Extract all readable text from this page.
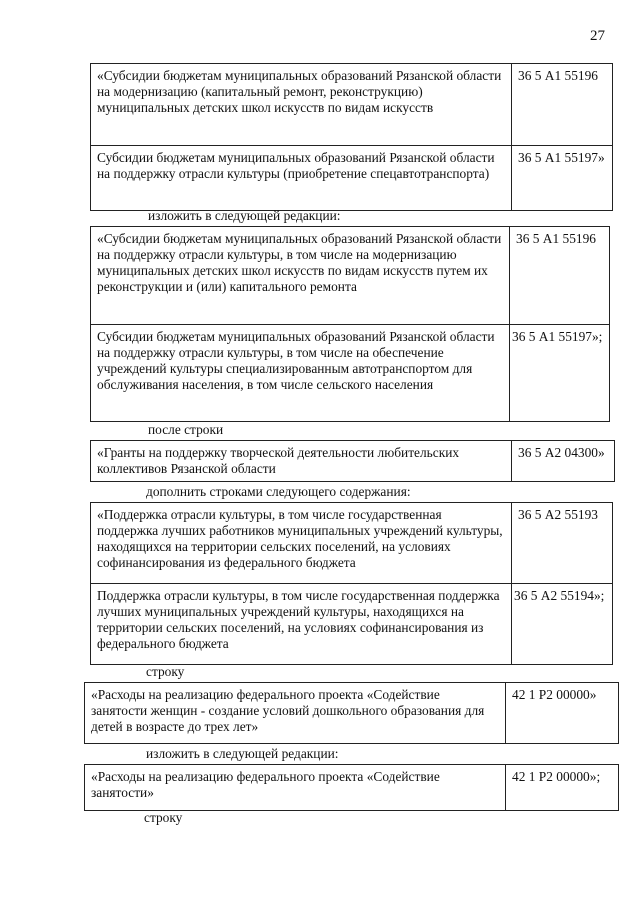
27
«Субсидии бюджетам муниципальных образований Рязанской области на модернизацию (капитальный ремонт, реконструкцию) муниципальных детских школ искусств по видам искусств
36 5 А1 55196
Субсидии бюджетам муниципальных образований Рязанской области на поддержку отрасли культуры (приобретение спецавтотранспорта)
36 5 А1 55197»
изложить в следующей редакции:
«Субсидии бюджетам муниципальных образований Рязанской области на поддержку отрасли культуры, в том числе на модернизацию муниципальных детских школ искусств по видам искусств путем их реконструкции и (или) капитального ремонта
36 5 А1 55196
Субсидии бюджетам муниципальных образований Рязанской области на поддержку отрасли культуры, в том числе на обеспечение учреждений культуры специализированным автотранспортом для обслуживания населения, в том числе сельского населения
36 5 А1 55197»;
после строки
«Гранты на поддержку творческой деятельности любительских коллективов Рязанской области
36 5 А2 04300»
дополнить строками следующего содержания:
«Поддержка отрасли культуры, в том числе государственная поддержка лучших работников муниципальных учреждений культуры, находящихся на территории сельских поселений, на условиях софинансирования из федерального бюджета
36 5 А2 55193
Поддержка отрасли культуры, в том числе государственная поддержка лучших муниципальных учреждений культуры, находящихся на территории сельских поселений, на условиях софинансирования из федерального бюджета
36 5 А2 55194»;
строку
«Расходы на реализацию федерального проекта «Содействие занятости женщин - создание условий дошкольного образования для детей в возрасте до трех лет»
42 1 Р2 00000»
изложить в следующей редакции:
«Расходы на реализацию федерального проекта «Содействие занятости»
42 1 Р2 00000»;
строку
